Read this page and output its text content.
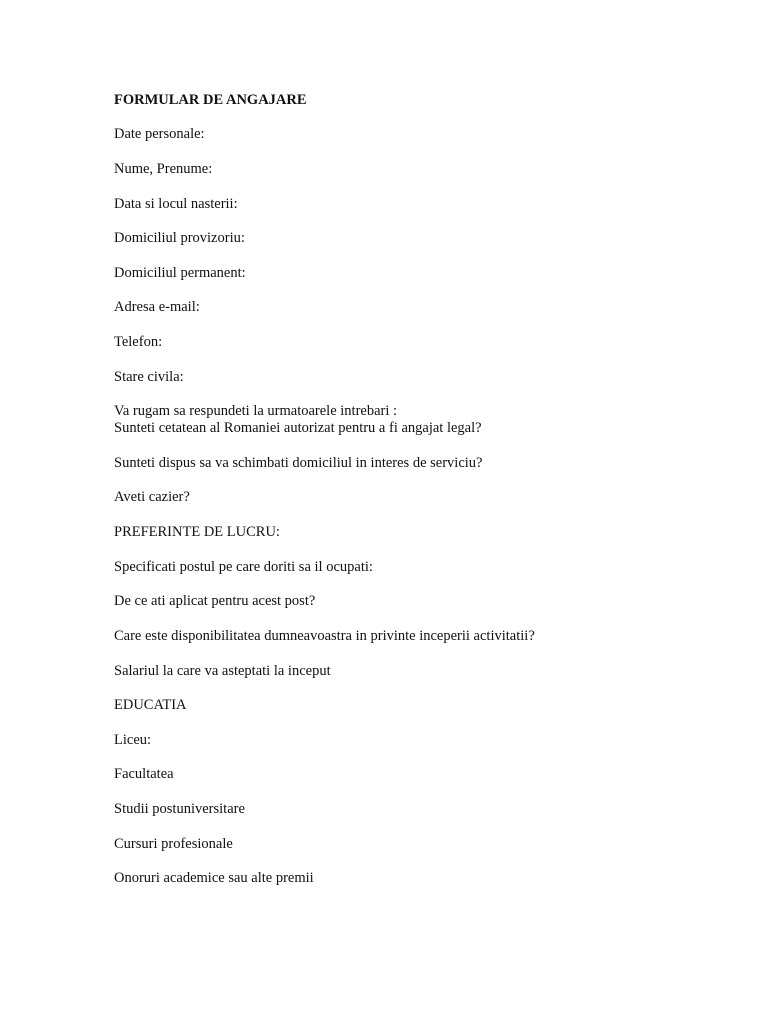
FORMULAR DE ANGAJARE
Date personale:
Nume, Prenume:
Data si locul nasterii:
Domiciliul provizoriu:
Domiciliul permanent:
Adresa e-mail:
Telefon:
Stare civila:
Va rugam sa respundeti la urmatoarele intrebari :
Sunteti cetatean al Romaniei autorizat pentru a fi angajat legal?
Sunteti dispus sa va schimbati domiciliul in interes de serviciu?
Aveti cazier?
PREFERINTE DE LUCRU:
Specificati postul pe care doriti sa il ocupati:
De ce ati aplicat pentru acest post?
Care este disponibilitatea dumneavoastra in privinte inceperii activitatii?
Salariul la care va asteptati la inceput
EDUCATIA
Liceu:
Facultatea
Studii postuniversitare
Cursuri profesionale
Onoruri academice sau alte premii
